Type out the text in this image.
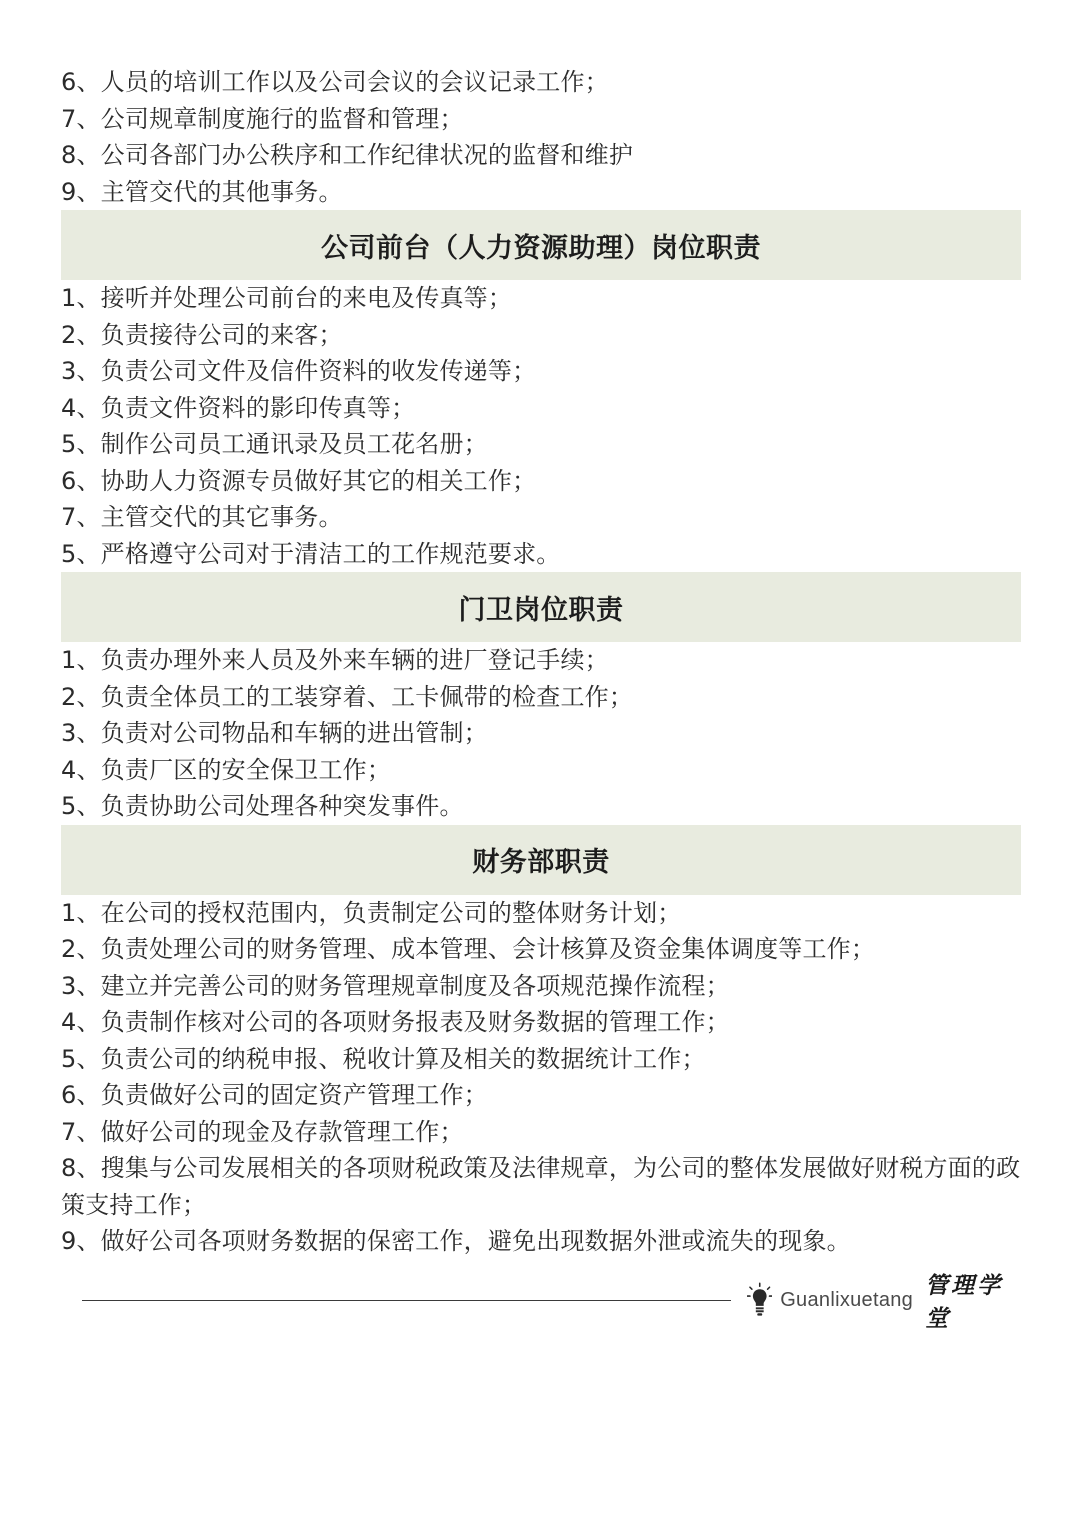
6、人员的培训工作以及公司会议的会议记录工作；
7、公司规章制度施行的监督和管理；
8、公司各部门办公秩序和工作纪律状况的监督和维护
9、主管交代的其他事务。
公司前台（人力资源助理）岗位职责
1、接听并处理公司前台的来电及传真等；
2、负责接待公司的来客；
3、负责公司文件及信件资料的收发传递等；
4、负责文件资料的影印传真等；
5、制作公司员工通讯录及员工花名册；
6、协助人力资源专员做好其它的相关工作；
7、主管交代的其它事务。
5、严格遵守公司对于清洁工的工作规范要求。
门卫岗位职责
1、负责办理外来人员及外来车辆的进厂登记手续；
2、负责全体员工的工装穿着、工卡佩带的检查工作；
3、负责对公司物品和车辆的进出管制；
4、负责厂区的安全保卫工作；
5、负责协助公司处理各种突发事件。
财务部职责
1、在公司的授权范围内，负责制定公司的整体财务计划；
2、负责处理公司的财务管理、成本管理、会计核算及资金集体调度等工作；
3、建立并完善公司的财务管理规章制度及各项规范操作流程；
4、负责制作核对公司的各项财务报表及财务数据的管理工作；
5、负责公司的纳税申报、税收计算及相关的数据统计工作；
6、负责做好公司的固定资产管理工作；
7、做好公司的现金及存款管理工作；
8、搜集与公司发展相关的各项财税政策及法律规章，为公司的整体发展做好财税方面的政策支持工作；
9、做好公司各项财务数据的保密工作，避免出现数据外泄或流失的现象。
Guanlixuetang
管理学堂
